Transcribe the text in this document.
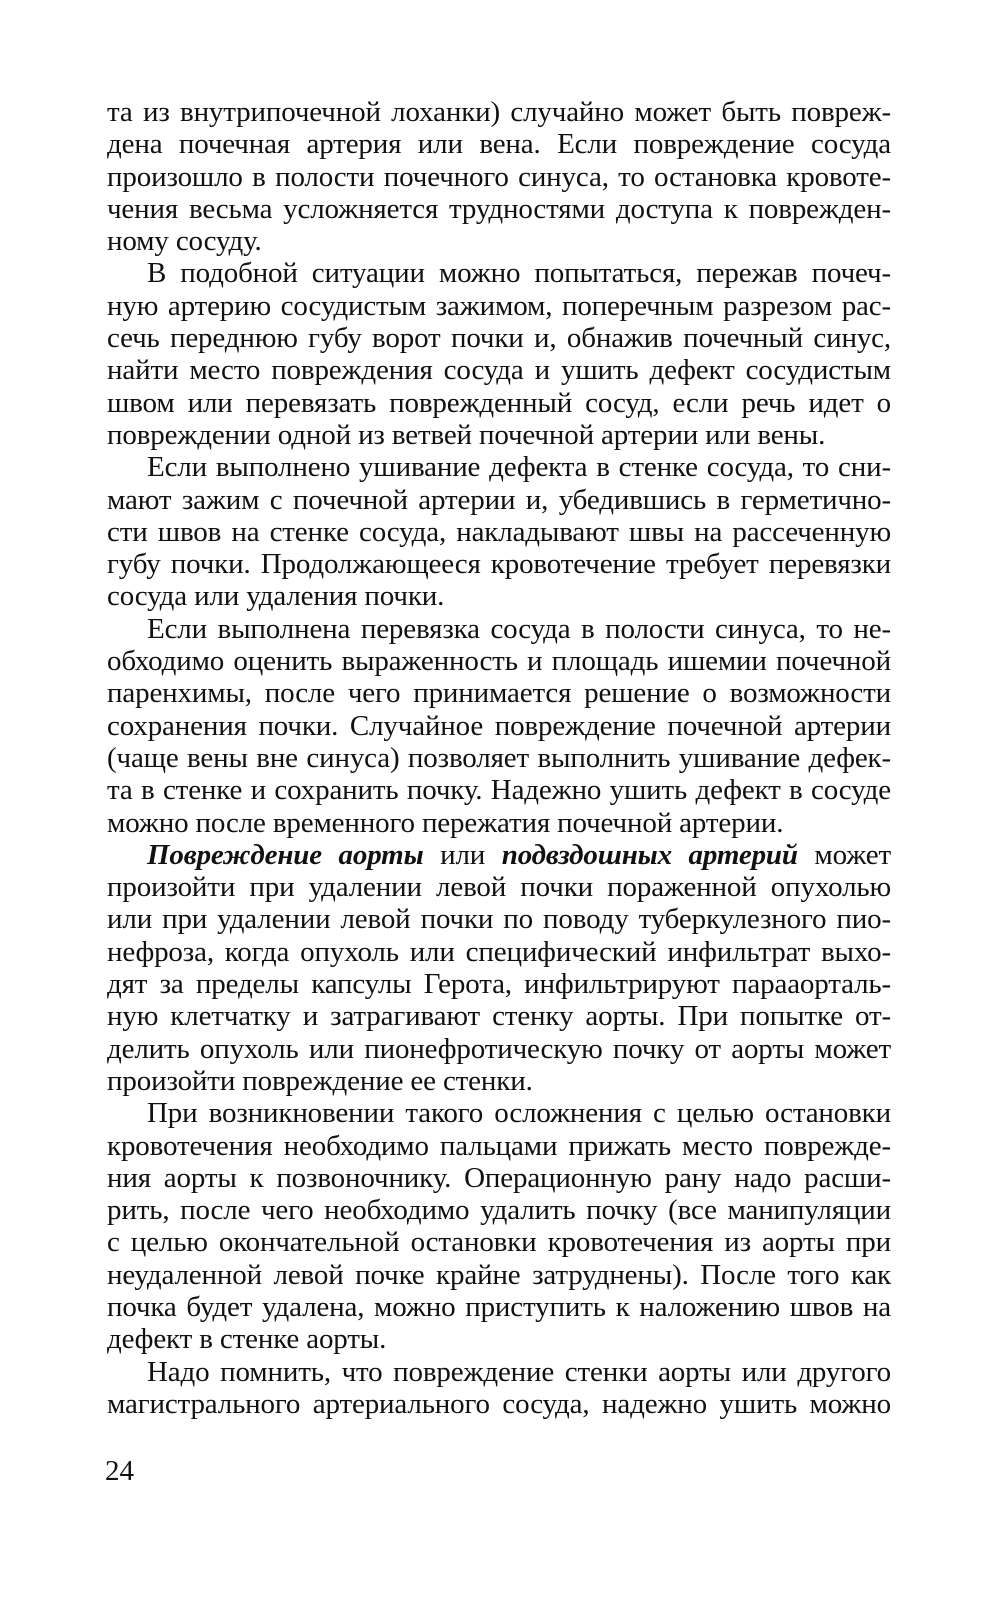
та из внутрипочечной лоханки) случайно может быть повреж-
дена почечная артерия или вена. Если повреждение сосуда
произошло в полости почечного синуса, то остановка кровоте-
чения весьма усложняется трудностями доступа к поврежден-
ному сосуду.

В подобной ситуации можно попытаться, пережав почеч-
ную артерию сосудистым зажимом, поперечным разрезом рас-
сечь переднюю губу ворот почки и, обнажив почечный синус,
найти место повреждения сосуда и ушить дефект сосудистым
швом или перевязать поврежденный сосуд, если речь идет о
повреждении одной из ветвей почечной артерии или вены.

Если выполнено ушивание дефекта в стенке сосуда, то сни-
мают зажим с почечной артерии и, убедившись в герметично-
сти швов на стенке сосуда, накладывают швы на рассеченную
губу почки. Продолжающееся кровотечение требует перевязки
сосуда или удаления почки.

Если выполнена перевязка сосуда в полости синуса, то не-
обходимо оценить выраженность и площадь ишемии почечной
паренхимы, после чего принимается решение о возможности
сохранения почки. Случайное повреждение почечной артерии
(чаще вены вне синуса) позволяет выполнить ушивание дефек-
та в стенке и сохранить почку. Надежно ушить дефект в сосуде
можно после временного пережатия почечной артерии.

Повреждение аорты или подвздошных артерий может
произойти при удалении левой почки пораженной опухолью
или при удалении левой почки по поводу туберкулезного пио-
нефроза, когда опухоль или специфический инфильтрат выхо-
дят за пределы капсулы Герота, инфильтрируют парааорталь-
ную клетчатку и затрагивают стенку аорты. При попытке от-
делить опухоль или пионефротическую почку от аорты может
произойти повреждение ее стенки.

При возникновении такого осложнения с целью остановки
кровотечения необходимо пальцами прижать место поврежде-
ния аорты к позвоночнику. Операционную рану надо расши-
рить, после чего необходимо удалить почку (все манипуляции
с целью окончательной остановки кровотечения из аорты при
неудаленной левой почке крайне затруднены). После того как
почка будет удалена, можно приступить к наложению швов на
дефект в стенке аорты.

Надо помнить, что повреждение стенки аорты или другого
магистрального артериального сосуда, надежно ушить можно

24
